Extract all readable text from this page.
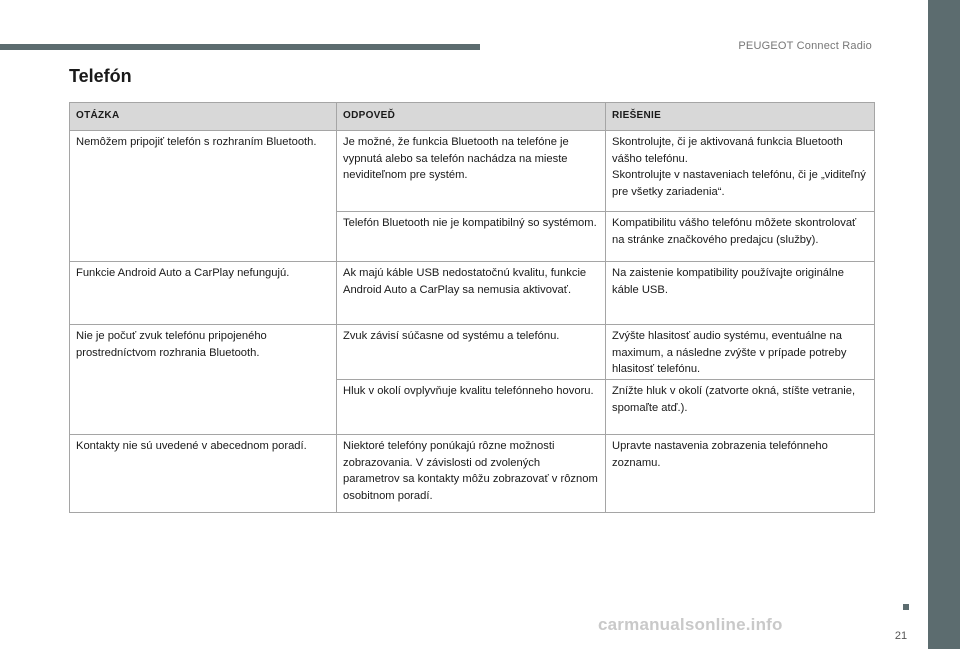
PEUGEOT Connect Radio
Telefón
OTÁZKA	ODPOVEĎ	RIEŠENIE
Nemôžem pripojiť telefón s rozhraním Bluetooth.	Je možné, že funkcia Bluetooth na telefóne je vypnutá alebo sa telefón nachádza na mieste neviditeľnom pre systém.	Skontrolujte, či je aktivovaná funkcia Bluetooth vášho telefónu.
Skontrolujte v nastaveniach telefónu, či je „viditeľný pre všetky zariadenia“.
	Telefón Bluetooth nie je kompatibilný so systémom.	Kompatibilitu vášho telefónu môžete skontrolovať na stránke značkového predajcu (služby).
Funkcie Android Auto a CarPlay nefungujú.	Ak majú káble USB nedostatočnú kvalitu, funkcie Android Auto a CarPlay sa nemusia aktivovať.	Na zaistenie kompatibility používajte originálne káble USB.
Nie je počuť zvuk telefónu pripojeného prostredníctvom rozhrania Bluetooth.	Zvuk závisí súčasne od systému a telefónu.	Zvýšte hlasitosť audio systému, eventuálne na maximum, a následne zvýšte v prípade potreby hlasitosť telefónu.
	Hluk v okolí ovplyvňuje kvalitu telefónneho hovoru.	Znížte hluk v okolí (zatvorte okná, stíšte vetranie, spomaľte atď.).
Kontakty nie sú uvedené v abecednom poradí.	Niektoré telefóny ponúkajú rôzne možnosti zobrazovania. V závislosti od zvolených parametrov sa kontakty môžu zobrazovať v rôznom osobitnom poradí.	Upravte nastavenia zobrazenia telefónneho zoznamu.
21
carmanualsonline.info
